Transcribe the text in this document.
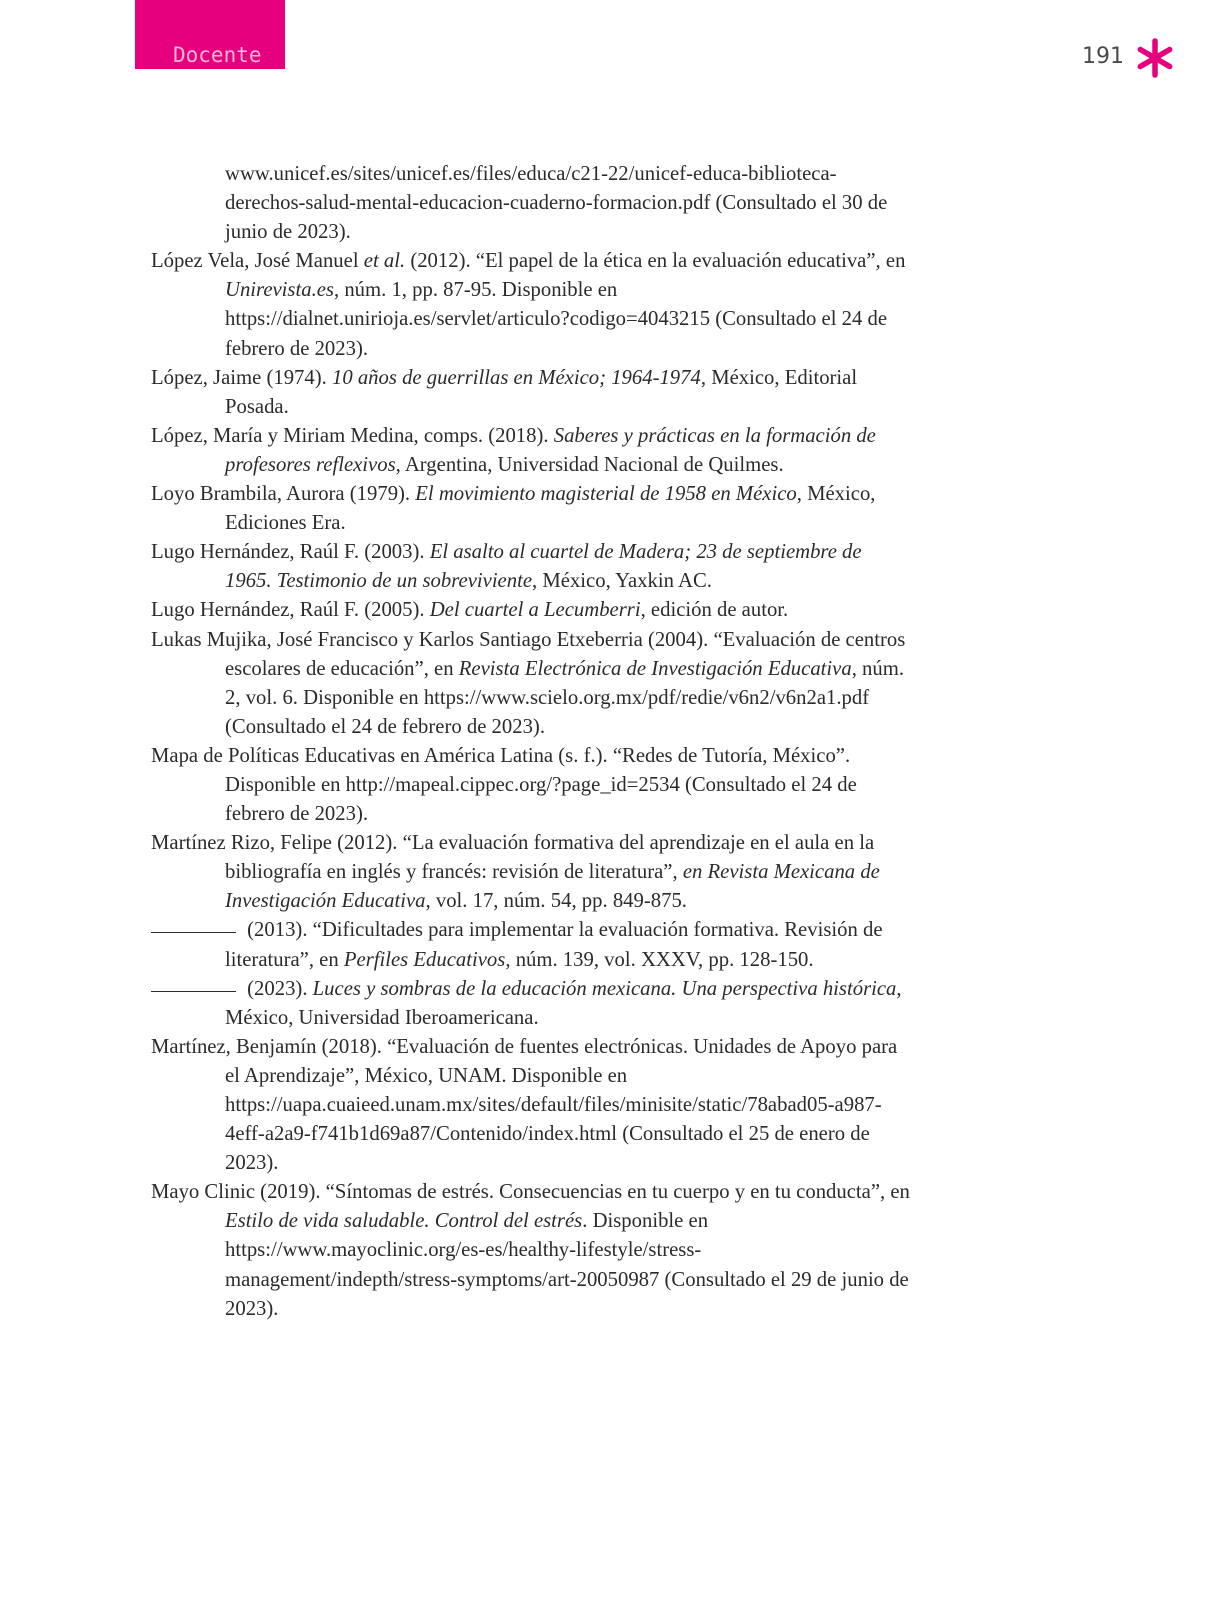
Docente	191

www.unicef.es/sites/unicef.es/files/educa/c21-22/unicef-educa-biblioteca-derechos-salud-mental-educacion-cuaderno-formacion.pdf (Consultado el 30 de junio de 2023).

López Vela, José Manuel et al. (2012). “El papel de la ética en la evaluación educativa”, en Unirevista.es, núm. 1, pp. 87-95. Disponible en https://dialnet.unirioja.es/servlet/articulo?codigo=4043215 (Consultado el 24 de febrero de 2023).

López, Jaime (1974). 10 años de guerrillas en México; 1964-1974, México, Editorial Posada.

López, María y Miriam Medina, comps. (2018). Saberes y prácticas en la formación de profesores reflexivos, Argentina, Universidad Nacional de Quilmes.

Loyo Brambila, Aurora (1979). El movimiento magisterial de 1958 en México, México, Ediciones Era.

Lugo Hernández, Raúl F. (2003). El asalto al cuartel de Madera; 23 de septiembre de 1965. Testimonio de un sobreviviente, México, Yaxkin AC.

Lugo Hernández, Raúl F. (2005). Del cuartel a Lecumberri, edición de autor.

Lukas Mujika, José Francisco y Karlos Santiago Etxeberria (2004). “Evaluación de centros escolares de educación”, en Revista Electrónica de Investigación Educativa, núm. 2, vol. 6. Disponible en https://www.scielo.org.mx/pdf/redie/v6n2/v6n2a1.pdf (Consultado el 24 de febrero de 2023).

Mapa de Políticas Educativas en América Latina (s. f.). “Redes de Tutoría, México”. Disponible en http://mapeal.cippec.org/?page_id=2534 (Consultado el 24 de febrero de 2023).

Martínez Rizo, Felipe (2012). “La evaluación formativa del aprendizaje en el aula en la bibliografía en inglés y francés: revisión de literatura”, en Revista Mexicana de Investigación Educativa, vol. 17, núm. 54, pp. 849-875.

(2013). “Dificultades para implementar la evaluación formativa. Revisión de literatura”, en Perfiles Educativos, núm. 139, vol. XXXV, pp. 128-150.

(2023). Luces y sombras de la educación mexicana. Una perspectiva histórica, México, Universidad Iberoamericana.

Martínez, Benjamín (2018). “Evaluación de fuentes electrónicas. Unidades de Apoyo para el Aprendizaje”, México, UNAM. Disponible en https://uapa.cuaieed.unam.mx/sites/default/files/minisite/static/78abad05-a987-4eff-a2a9-f741b1d69a87/Contenido/index.html (Consultado el 25 de enero de 2023).

Mayo Clinic (2019). “Síntomas de estrés. Consecuencias en tu cuerpo y en tu conducta”, en Estilo de vida saludable. Control del estrés. Disponible en https://www.mayoclinic.org/es-es/healthy-lifestyle/stress-management/indepth/stress-symptoms/art-20050987 (Consultado el 29 de junio de 2023).
